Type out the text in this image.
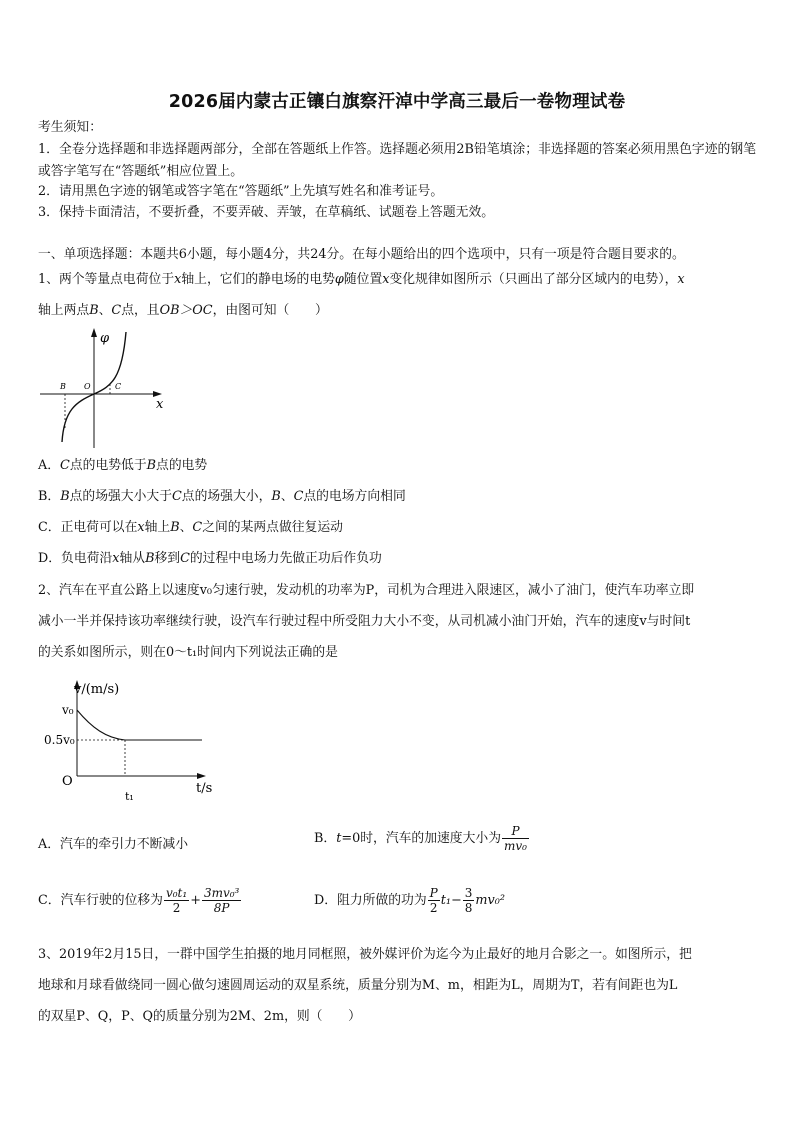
2026届内蒙古正镶白旗察汗淖中学高三最后一卷物理试卷
考生须知：
1．全卷分选择题和非选择题两部分，全部在答题纸上作答。选择题必须用2B铅笔填涂；非选择题的答案必须用黑色字迹的钢笔或答字笔写在“答题纸”相应位置上。
2．请用黑色字迹的钢笔或答字笔在“答题纸”上先填写姓名和准考证号。
3．保持卡面清洁，不要折叠，不要弄破、弄皱，在草稿纸、试题卷上答题无效。
一、单项选择题：本题共6小题，每小题4分，共24分。在每小题给出的四个选项中，只有一项是符合题目要求的。
1、两个等量点电荷位于x轴上，它们的静电场的电势φ随位置x变化规律如图所示（只画出了部分区域内的电势），x
轴上两点B、C点，且OB＞OC，由图可知（　　）
φ
x
O
B	C
A．C点的电势低于B点的电势
B．B点的场强大小大于C点的场强大小，B、C点的电场方向相同
C．正电荷可以在x轴上B、C之间的某两点做往复运动
D．负电荷沿x轴从B移到C的过程中电场力先做正功后作负功
2、汽车在平直公路上以速度v₀匀速行驶，发动机的功率为P，司机为合理进入限速区，减小了油门，使汽车功率立即
减小一半并保持该功率继续行驶，设汽车行驶过程中所受阻力大小不变，从司机减小油门开始，汽车的速度v与时间t
的关系如图所示，则在0～t₁时间内下列说法正确的是
v/(m/s)
v₀
0.5v₀
O
t₁
t/s
A．汽车的牵引力不断减小	B．t=0时，汽车的加速度大小为 $\frac{P}{\text{mv₀}}$
C．汽车行驶的位移为 $\frac{\text{v₀t₁}}{2} + \frac{\text{3mv₀³}}{8P}$	D．阻力所做的功为 $\frac{P}{2} t_1- \frac{3}{8} mv_0^2$
3、2019年2月15日，一群中国学生拍摄的地月同框照，被外媒评价为迄今为止最好的地月合影之一。如图所示，把
地球和月球看做绕同一圆心做匀速圆周运动的双星系统，质量分别为M、m，相距为L，周期为T，若有间距也为L
的双星P、Q，P、Q的质量分别为2M、2m，则（　　）
